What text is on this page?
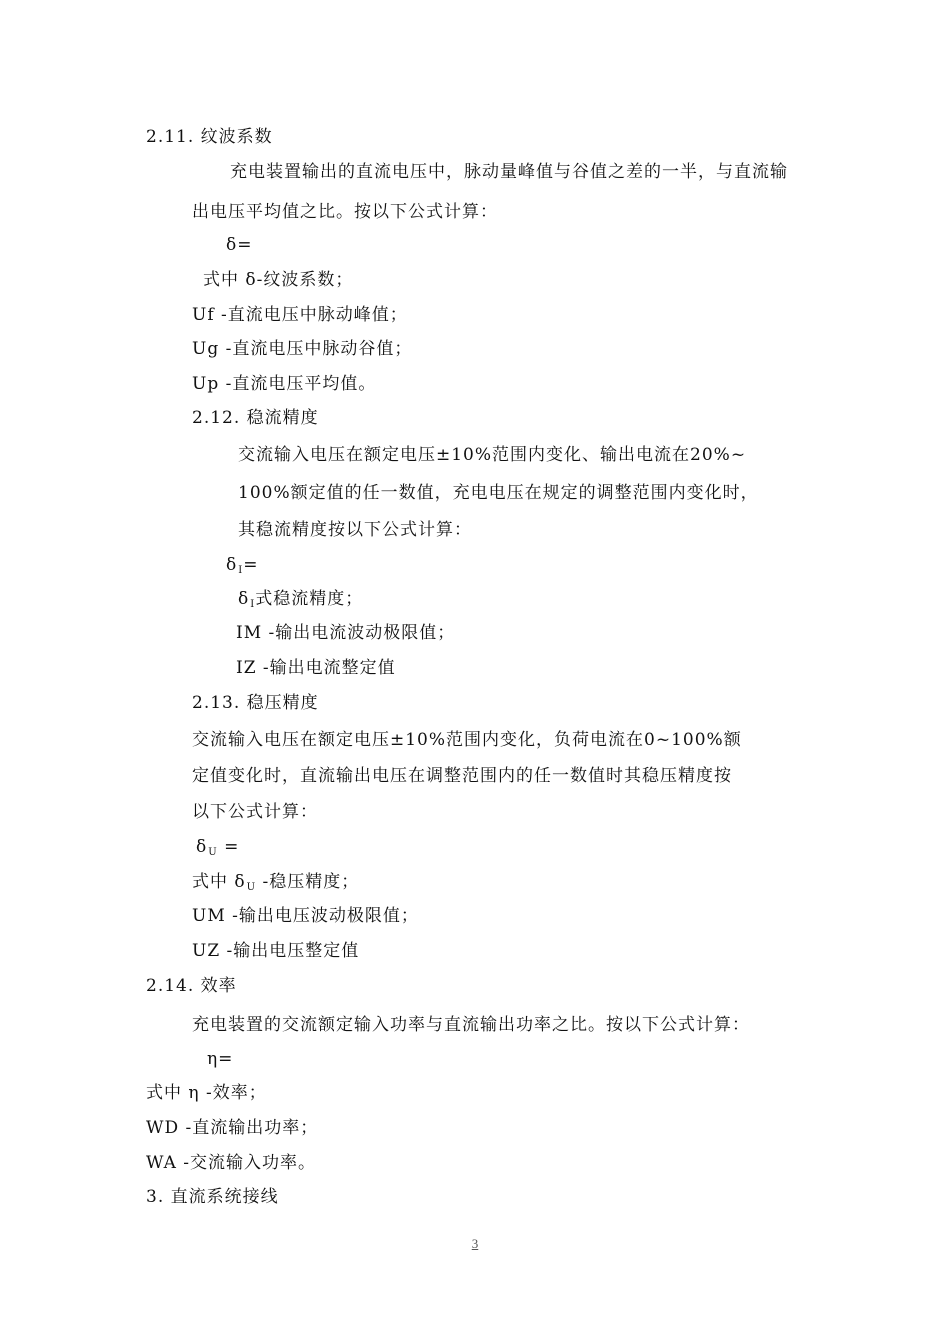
2.11. 纹波系数
充电装置输出的直流电压中，脉动量峰值与谷值之差的一半，与直流输
出电压平均值之比。按以下公式计算：
δ=
式中 δ-纹波系数；
Uf -直流电压中脉动峰值；
Ug -直流电压中脉动谷值；
Up -直流电压平均值。
2.12. 稳流精度
交流输入电压在额定电压±10%范围内变化、输出电流在20%~
100%额定值的任一数值，充电电压在规定的调整范围内变化时，
其稳流精度按以下公式计算：
$\delta_I=$
$\delta_I$式稳流精度；
IM -输出电流波动极限值；
IZ -输出电流整定值
2.13. 稳压精度
交流输入电压在额定电压±10%范围内变化，负荷电流在0~100%额
定值变化时，直流输出电压在调整范围内的任一数值时其稳压精度按
以下公式计算：
$\delta_U$ =
式中 $\delta_U$ -稳压精度；
UM -输出电压波动极限值；
UZ -输出电压整定值
2.14. 效率
充电装置的交流额定输入功率与直流输出功率之比。按以下公式计算：
η=
式中 η -效率；
WD -直流输出功率；
WA -交流输入功率。
3. 直流系统接线
3
